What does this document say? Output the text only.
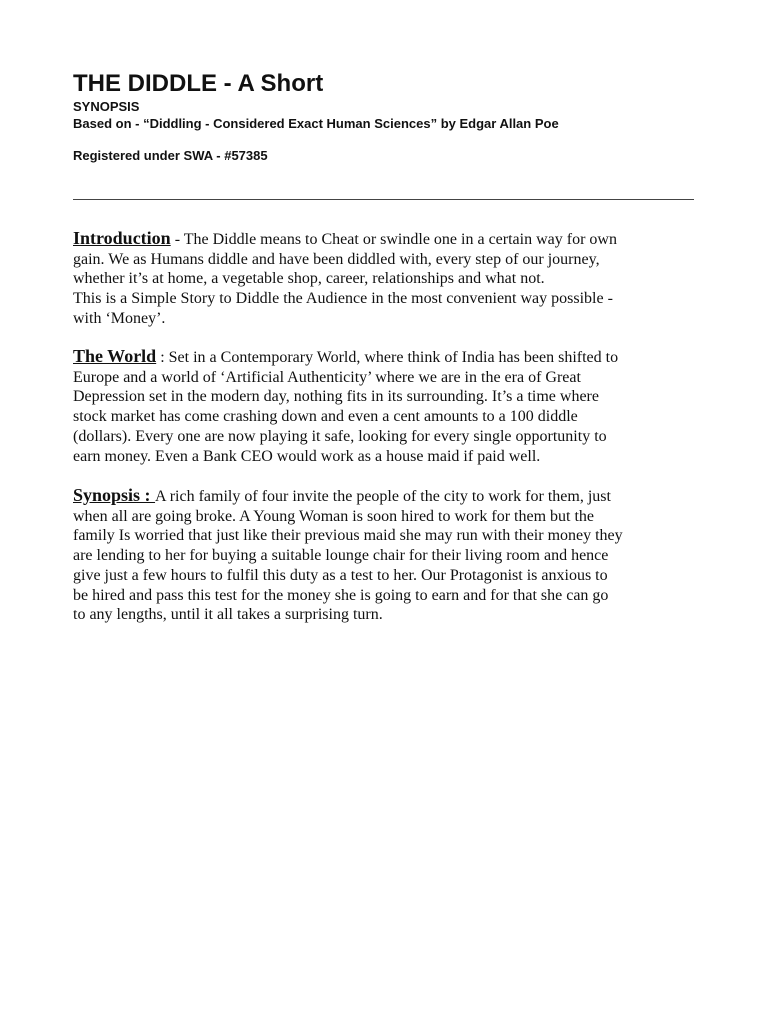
THE DIDDLE - A Short
SYNOPSIS
Based on - “Diddling - Considered Exact Human Sciences” by Edgar Allan Poe
Registered under SWA - #57385

Introduction - The Diddle means to Cheat or swindle one in a certain way for own
gain. We as Humans diddle and have been diddled with, every step of our journey,
whether it’s at home, a vegetable shop, career, relationships and what not.
This is a Simple Story to Diddle the Audience in the most convenient way possible -
with ‘Money’.

The World : Set in a Contemporary World, where think of India has been shifted to
Europe and a world of ‘Artificial Authenticity’ where we are in the era of Great
Depression set in the modern day, nothing fits in its surrounding. It’s a time where
stock market has come crashing down and even a cent amounts to a 100 diddle
(dollars). Every one are now playing it safe, looking for every single opportunity to
earn money. Even a Bank CEO would work as a house maid if paid well.

Synopsis : A rich family of four invite the people of the city to work for them, just
when all are going broke. A Young Woman is soon hired to work for them but the
family Is worried that just like their previous maid she may run with their money they
are lending to her for buying a suitable lounge chair for their living room and hence
give just a few hours to fulfil this duty as a test to her. Our Protagonist is anxious to
be hired and pass this test for the money she is going to earn and for that she can go
to any lengths, until it all takes a surprising turn.
